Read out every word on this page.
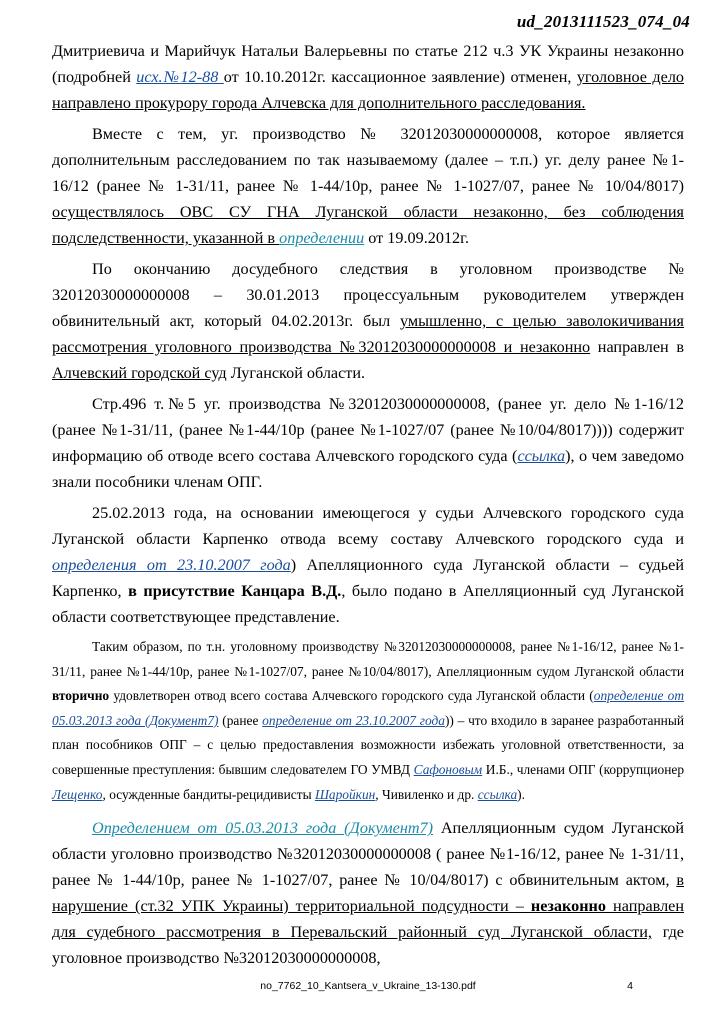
ud_2013111523_074_04

Дмитриевича и Марийчук Натальи Валерьевны по статье 212 ч.3 УК Украины незаконно (подробней исх.№12-88 от 10.10.2012г. кассационное заявление) отменен, уголовное дело направлено прокурору города Алчевска для дополнительного расследования.

Вместе с тем, уг. производство № 32012030000000008, которое является дополнительным расследованием по так называемому (далее – т.п.) уг. делу ранее №1-16/12 (ранее № 1-31/11, ранее № 1-44/10р, ранее № 1-1027/07, ранее № 10/04/8017) осуществлялось ОВС СУ ГНА Луганской области незаконно, без соблюдения подследственности, указанной в определении от 19.09.2012г.

По окончанию досудебного следствия в уголовном производстве № 32012030000000008 – 30.01.2013 процессуальным руководителем утвержден обвинительный акт, который 04.02.2013г. был умышленно, с целью заволокичивания рассмотрения уголовного производства №32012030000000008 и незаконно направлен в Алчевский городской суд Луганской области.

Стр.496 т.№5 уг. производства №32012030000000008, (ранее уг. дело №1-16/12 (ранее №1-31/11, (ранее №1-44/10р (ранее №1-1027/07 (ранее №10/04/8017)))) содержит информацию об отводе всего состава Алчевского городского суда (ссылка), о чем заведомо знали пособники членам ОПГ.

25.02.2013 года, на основании имеющегося у судьи Алчевского городского суда Луганской области Карпенко отвода всему составу Алчевского городского суда и определения от 23.10.2007 года) Апелляционного суда Луганской области – судьей Карпенко, в присутствие Канцара В.Д., было подано в Апелляционный суд Луганской области соответствующее представление.

Таким образом, по т.н. уголовному производству №32012030000000008, ранее №1-16/12, ранее №1-31/11, ранее №1-44/10р, ранее №1-1027/07, ранее №10/04/8017), Апелляционным судом Луганской области вторично удовлетворен отвод всего состава Алчевского городского суда Луганской области (определение от 05.03.2013 года (Документ7) (ранее определение от 23.10.2007 года)) – что входило в заранее разработанный план пособников ОПГ – с целью предоставления возможности избежать уголовной ответственности, за совершенные преступления: бывшим следователем ГО УМВД Сафоновым И.Б., членами ОПГ (коррупционер Лещенко, осужденные бандиты-рецидивисты Шаройкин, Чивиленко и др. ссылка).

Определением от 05.03.2013 года (Документ7) Апелляционным судом Луганской области уголовно производство №32012030000000008 ( ранее №1-16/12, ранее № 1-31/11, ранее № 1-44/10р, ранее № 1-1027/07, ранее № 10/04/8017) с обвинительным актом, в нарушение (ст.32 УПК Украины) территориальной подсудности – незаконно направлен для судебного рассмотрения в Перевальский районный суд Луганской области, где уголовное производство №32012030000000008,

no_7762_10_Kantsera_v_Ukraine_13-130.pdf	4
